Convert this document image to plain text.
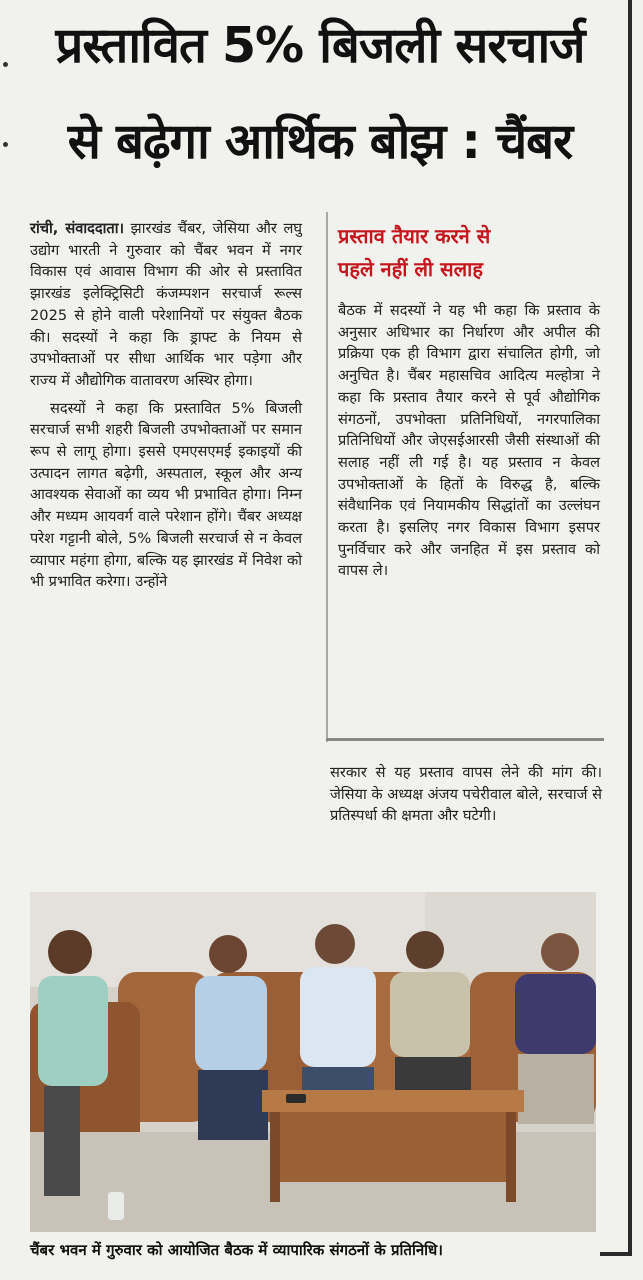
प्रस्तावित 5% बिजली सरचार्ज
से बढ़ेगा आर्थिक बोझ : चैंबर

रांची, संवाददाता। झारखंड चैंबर, जेसिया और लघु उद्योग भारती ने गुरुवार को चैंबर भवन में नगर विकास एवं आवास विभाग की ओर से प्रस्तावित झारखंड इलेक्ट्रिसिटी कंजम्पशन सरचार्ज रूल्स 2025 से होने वाली परेशानियों पर संयुक्त बैठक की। सदस्यों ने कहा कि ड्राफ्ट के नियम से उपभोक्ताओं पर सीधा आर्थिक भार पड़ेगा और राज्य में औद्योगिक वातावरण अस्थिर होगा।

सदस्यों ने कहा कि प्रस्तावित 5% बिजली सरचार्ज सभी शहरी बिजली उपभोक्ताओं पर समान रूप से लागू होगा। इससे एमएसएमई इकाइयों की उत्पादन लागत बढ़ेगी, अस्पताल, स्कूल और अन्य आवश्यक सेवाओं का व्यय भी प्रभावित होगा। निम्न और मध्यम आयवर्ग वाले परेशान होंगे। चैंबर अध्यक्ष परेश गट्टानी बोले, 5% बिजली सरचार्ज से न केवल व्यापार महंगा होगा, बल्कि यह झारखंड में निवेश को भी प्रभावित करेगा। उन्होंने

प्रस्ताव तैयार करने से
पहले नहीं ली सलाह

बैठक में सदस्यों ने यह भी कहा कि प्रस्ताव के अनुसार अधिभार का निर्धारण और अपील की प्रक्रिया एक ही विभाग द्वारा संचालित होगी, जो अनुचित है। चैंबर महासचिव आदित्य मल्होत्रा ने कहा कि प्रस्ताव तैयार करने से पूर्व औद्योगिक संगठनों, उपभोक्ता प्रतिनिधियों, नगरपालिका प्रतिनिधियों और जेएसईआरसी जैसी संस्थाओं की सलाह नहीं ली गई है। यह प्रस्ताव न केवल उपभोक्ताओं के हितों के विरुद्ध है, बल्कि संवैधानिक एवं नियामकीय सिद्धांतों का उल्लंघन करता है। इसलिए नगर विकास विभाग इसपर पुनर्विचार करे और जनहित में इस प्रस्ताव को वापस ले।

सरकार से यह प्रस्ताव वापस लेने की मांग की। जेसिया के अध्यक्ष अंजय पचेरीवाल बोले, सरचार्ज से प्रतिस्पर्धा की क्षमता और घटेगी।

चैंबर भवन में गुरुवार को आयोजित बैठक में व्यापारिक संगठनों के प्रतिनिधि।
